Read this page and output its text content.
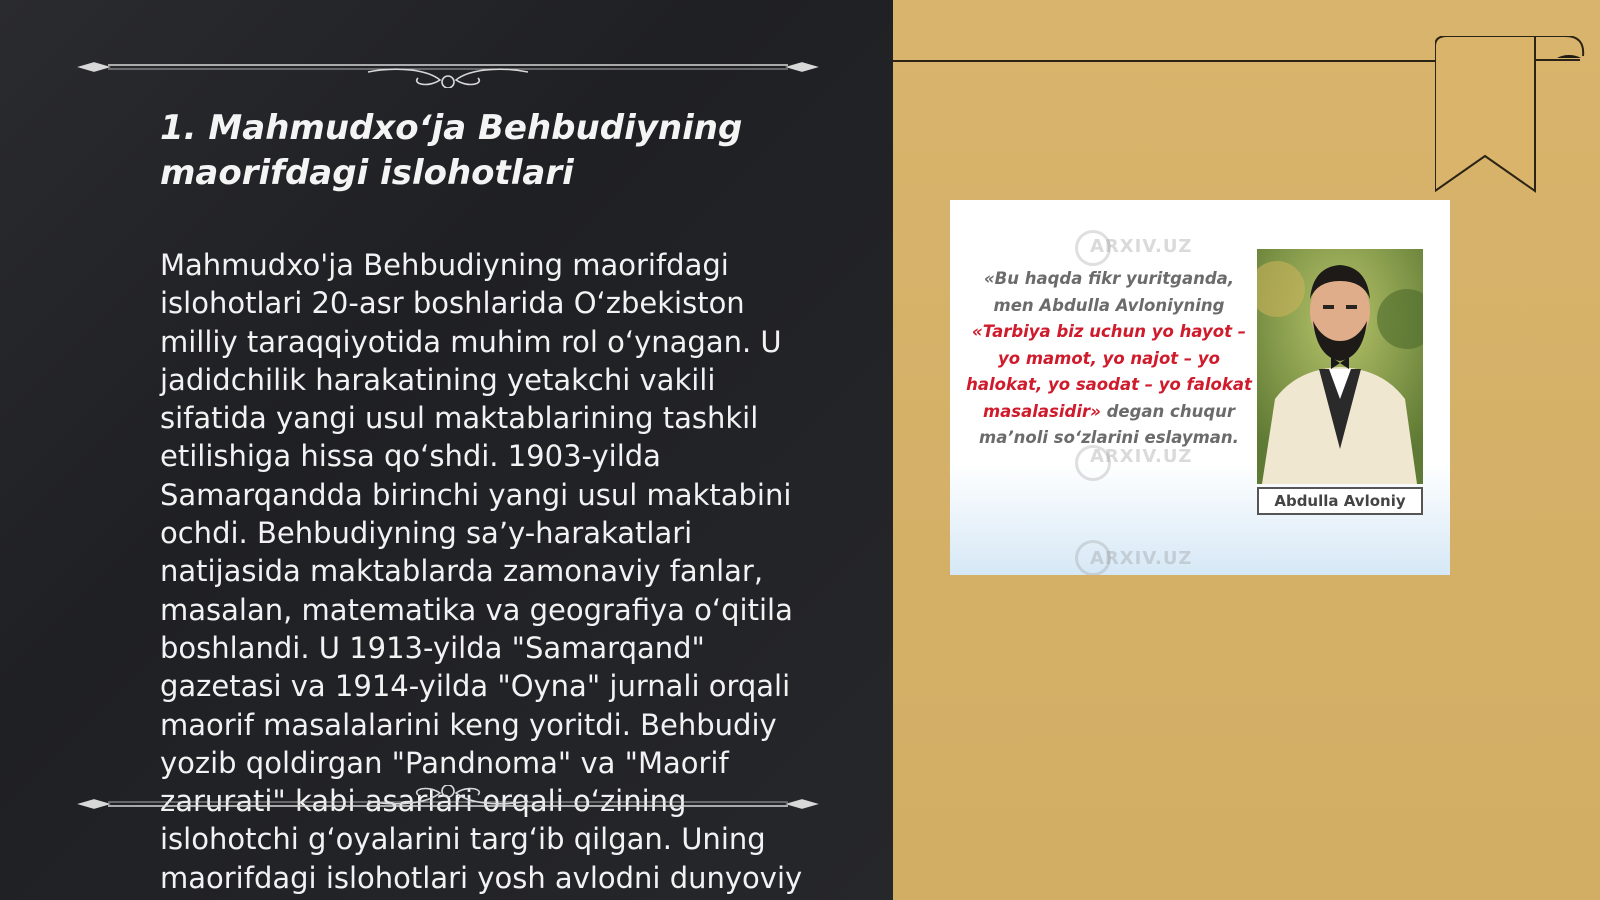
1. Mahmudxo‘ja Behbudiyning maorifdagi islohotlari

Mahmudxo'ja Behbudiyning maorifdagi islohotlari 20-asr boshlarida O‘zbekiston milliy taraqqiyotida muhim rol o‘ynagan. U jadidchilik harakatining yetakchi vakili sifatida yangi usul maktablarining tashkil etilishiga hissa qo‘shdi. 1903-yilda Samarqandda birinchi yangi usul maktabini ochdi. Behbudiyning sa’y-harakatlari natijasida maktablarda zamonaviy fanlar, masalan, matematika va geografiya o‘qitila boshlandi. U 1913-yilda "Samarqand" gazetasi va 1914-yilda "Oyna" jurnali orqali maorif masalalarini keng yoritdi. Behbudiy yozib qoldirgan "Pandnoma" va "Maorif zarurati" kabi asarlari orqali o‘zining islohotchi g‘oyalarini targ‘ib qilgan. Uning maorifdagi islohotlari yosh avlodni dunyoviy

ARXIV.UZ
ARXIV.UZ
ARXIV.UZ
«Bu haqda fikr yuritganda, men Abdulla Avloniyning «Tarbiya biz uchun yo hayot – yo mamot, yo najot – yo halokat, yo saodat – yo falokat masalasidir» degan chuqur ma’noli so‘zlarini eslayman.
Abdulla Avloniy
